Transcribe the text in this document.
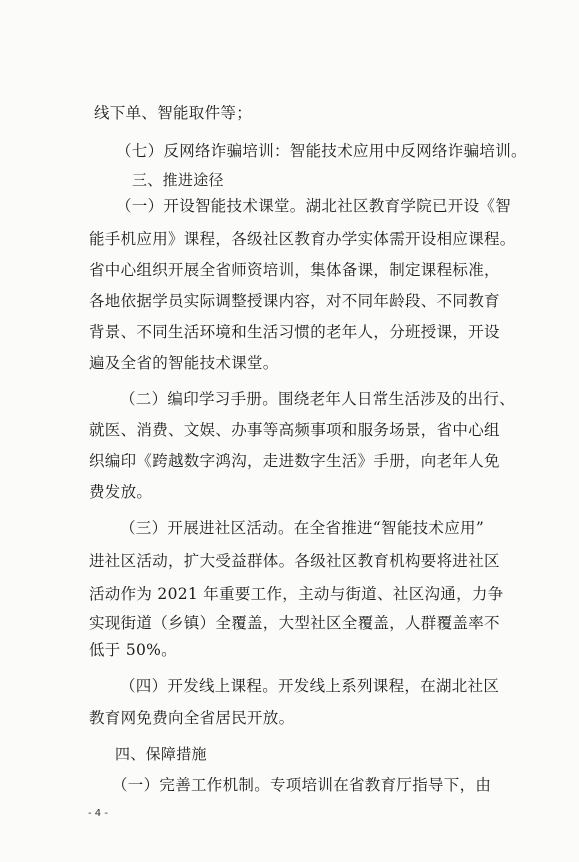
线下单、智能取件等；
（七）反网络诈骗培训：智能技术应用中反网络诈骗培训。
三、推进途径
（一）开设智能技术课堂。湖北社区教育学院已开设《智
能手机应用》课程，各级社区教育办学实体需开设相应课程。
省中心组织开展全省师资培训，集体备课，制定课程标准，
各地依据学员实际调整授课内容，对不同年龄段、不同教育
背景、不同生活环境和生活习惯的老年人，分班授课，开设
遍及全省的智能技术课堂。
（二）编印学习手册。围绕老年人日常生活涉及的出行、
就医、消费、文娱、办事等高频事项和服务场景，省中心组
织编印《跨越数字鸿沟，走进数字生活》手册，向老年人免
费发放。
（三）开展进社区活动。在全省推进“智能技术应用”
进社区活动，扩大受益群体。各级社区教育机构要将进社区
活动作为 2021 年重要工作，主动与街道、社区沟通，力争
实现街道（乡镇）全覆盖，大型社区全覆盖，人群覆盖率不
低于 50%。
（四）开发线上课程。开发线上系列课程，在湖北社区
教育网免费向全省居民开放。
四、保障措施
（一）完善工作机制。专项培训在省教育厅指导下，由
- 4 -
